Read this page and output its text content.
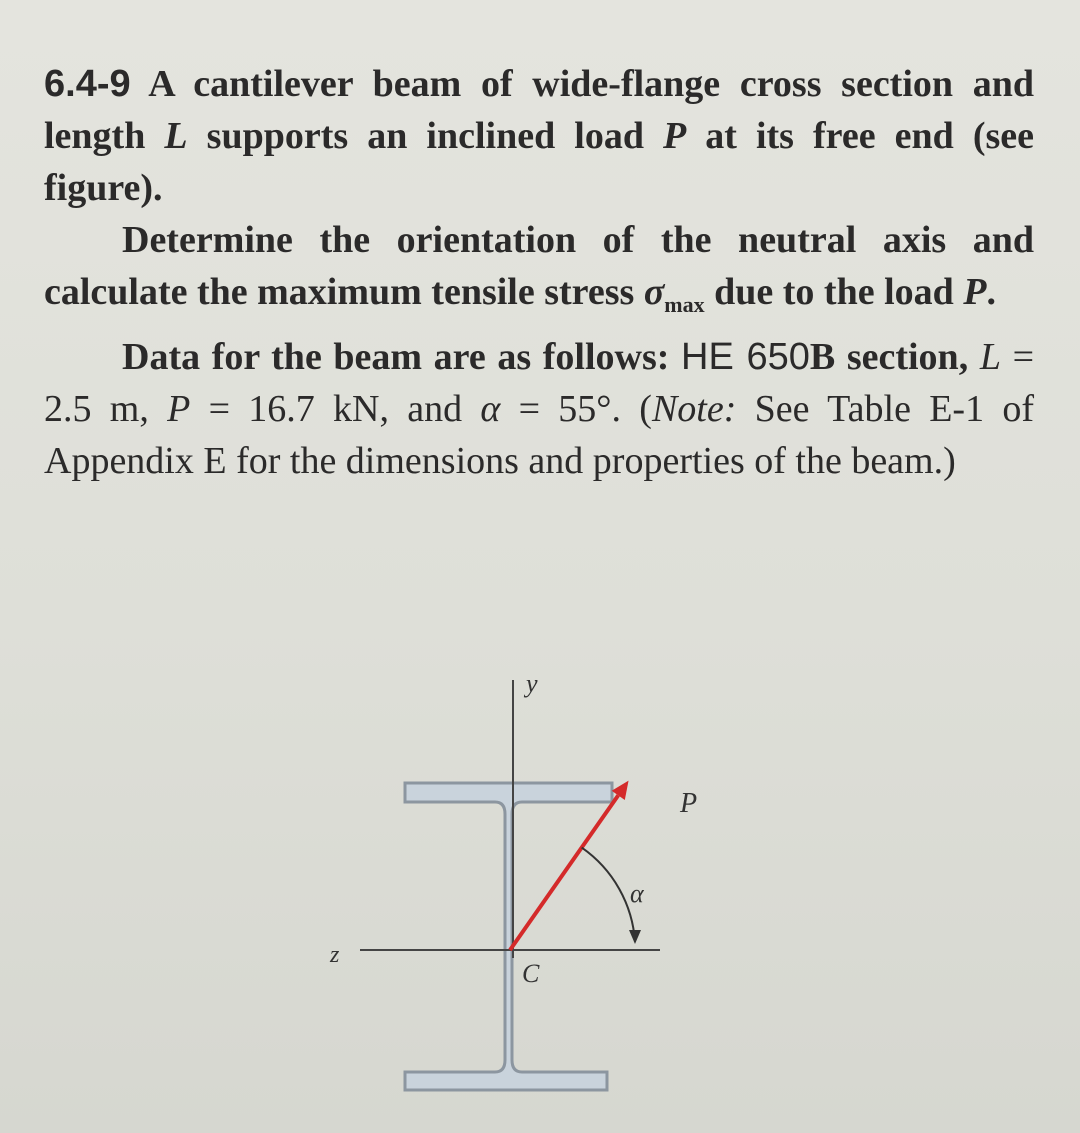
6.4-9 A cantilever beam of wide-flange cross section and length L supports an inclined load P at its free end (see figure).

Determine the orientation of the neutral axis and calculate the maximum tensile stress $\sigma_{max}$ due to the load P.

Data for the beam are as follows: HE 650B section, L = 2.5 m, P = 16.7 kN, and α = 55°. (Note: See Table E-1 of Appendix E for the dimensions and properties of the beam.)

y
z
C
P
α
